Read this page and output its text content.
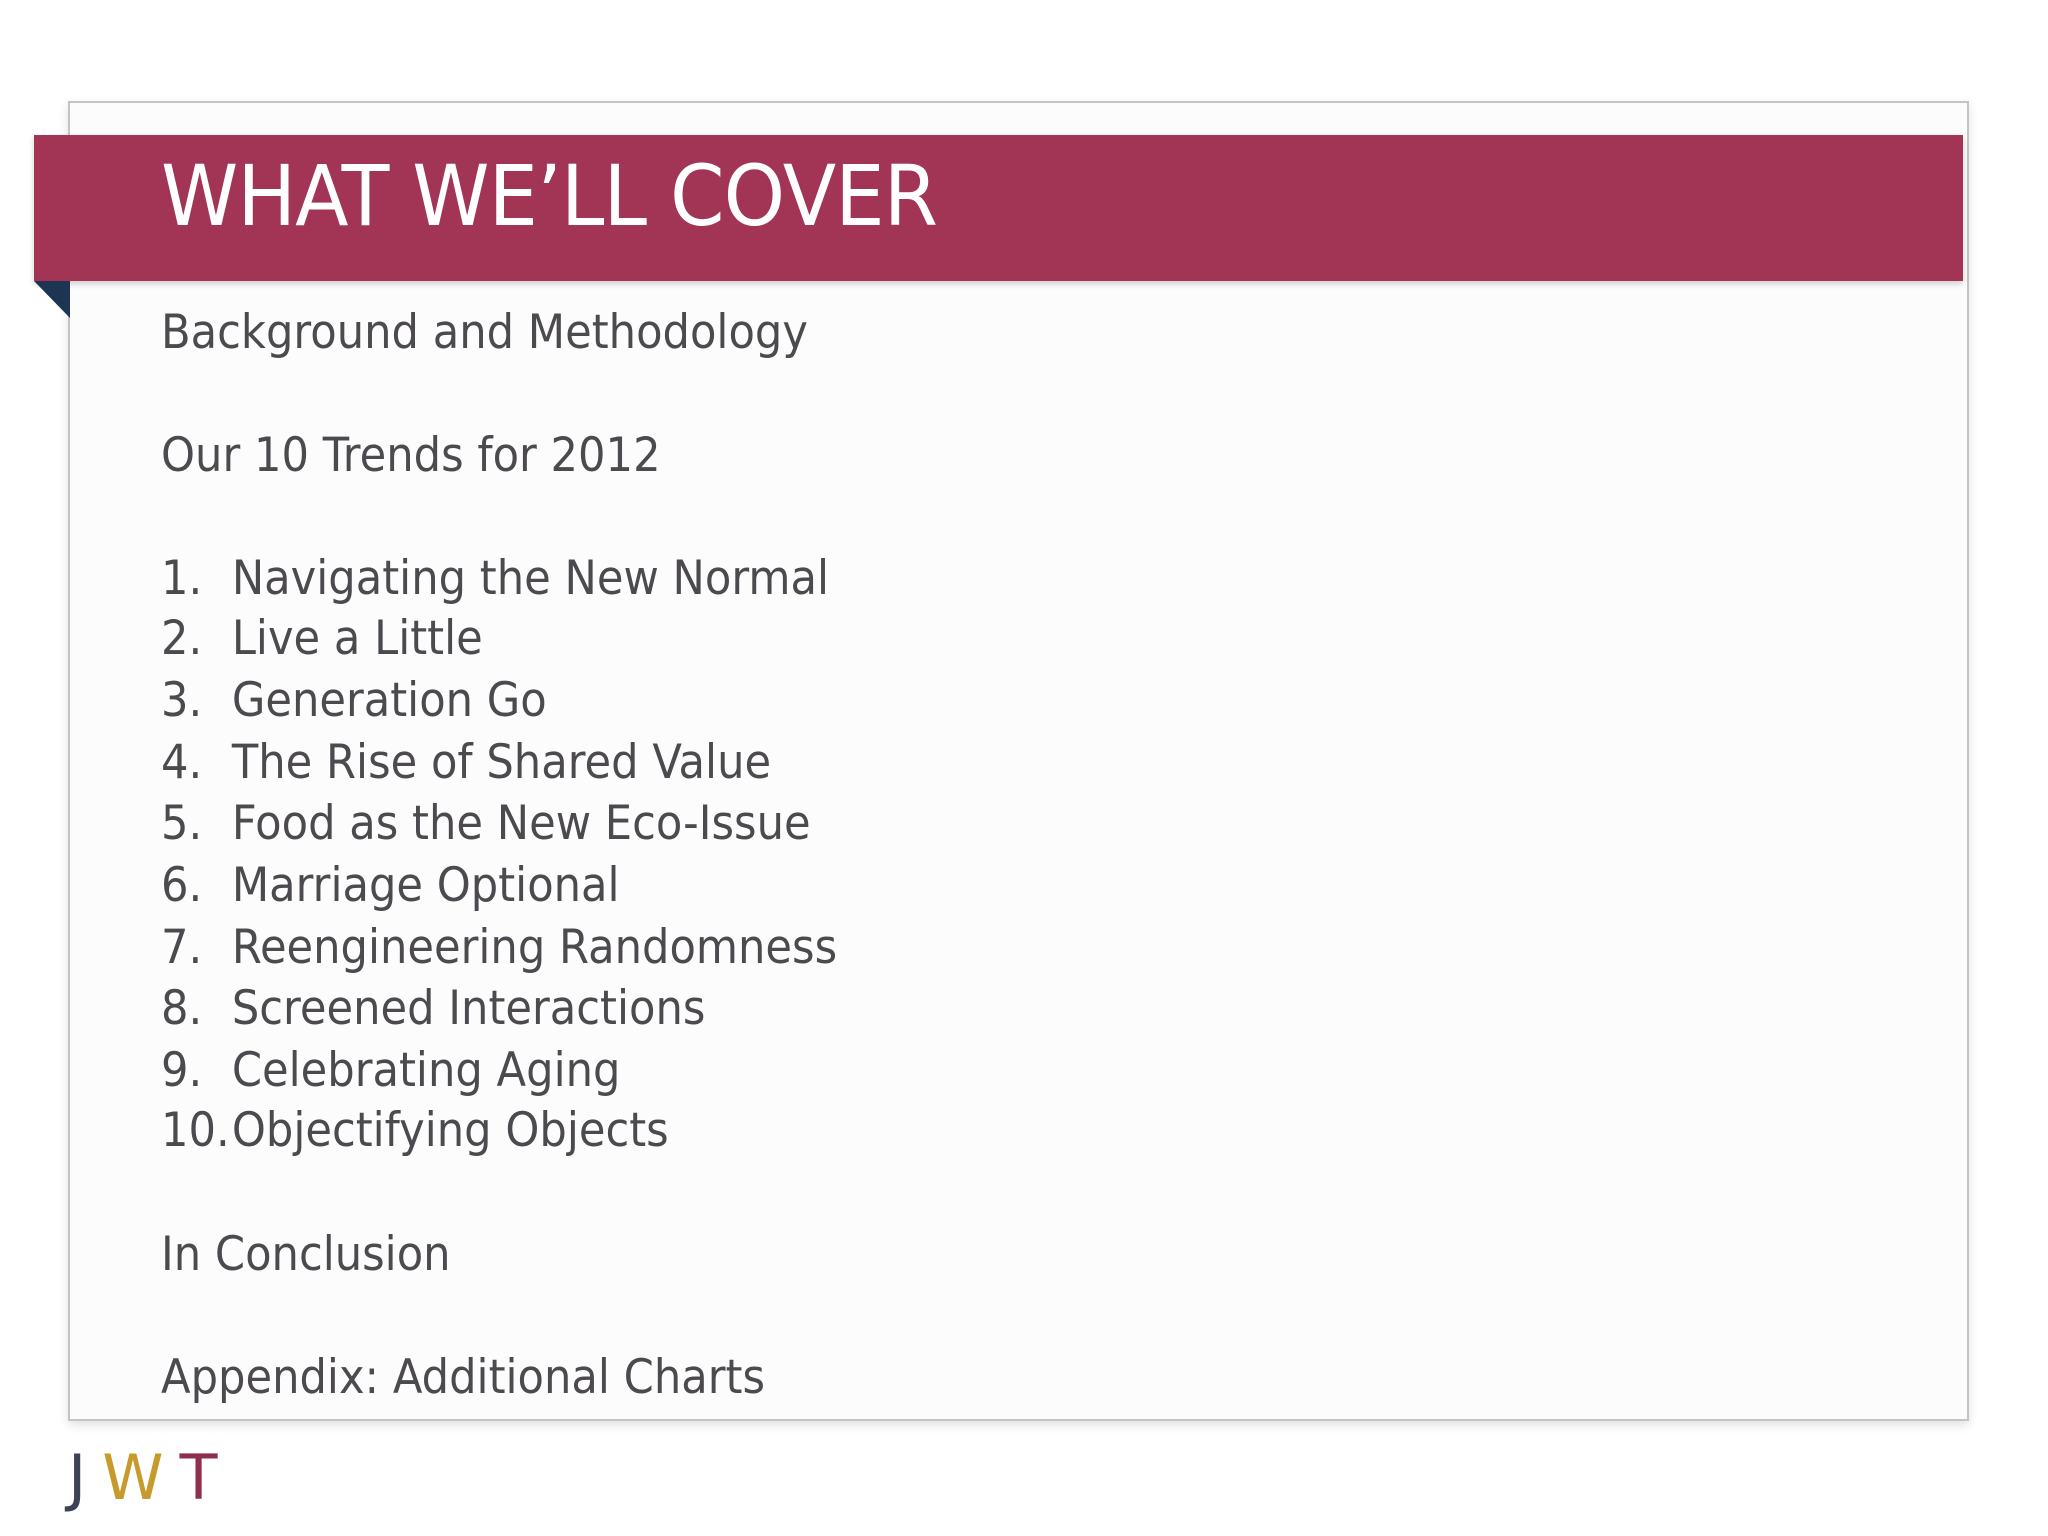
WHAT WE’LL COVER
Background and Methodology
Our 10 Trends for 2012
1. Navigating the New Normal
2. Live a Little
3. Generation Go
4. The Rise of Shared Value
5. Food as the New Eco-Issue
6. Marriage Optional
7. Reengineering Randomness
8. Screened Interactions
9. Celebrating Aging
10.Objectifying Objects
In Conclusion
Appendix: Additional Charts
JWT
